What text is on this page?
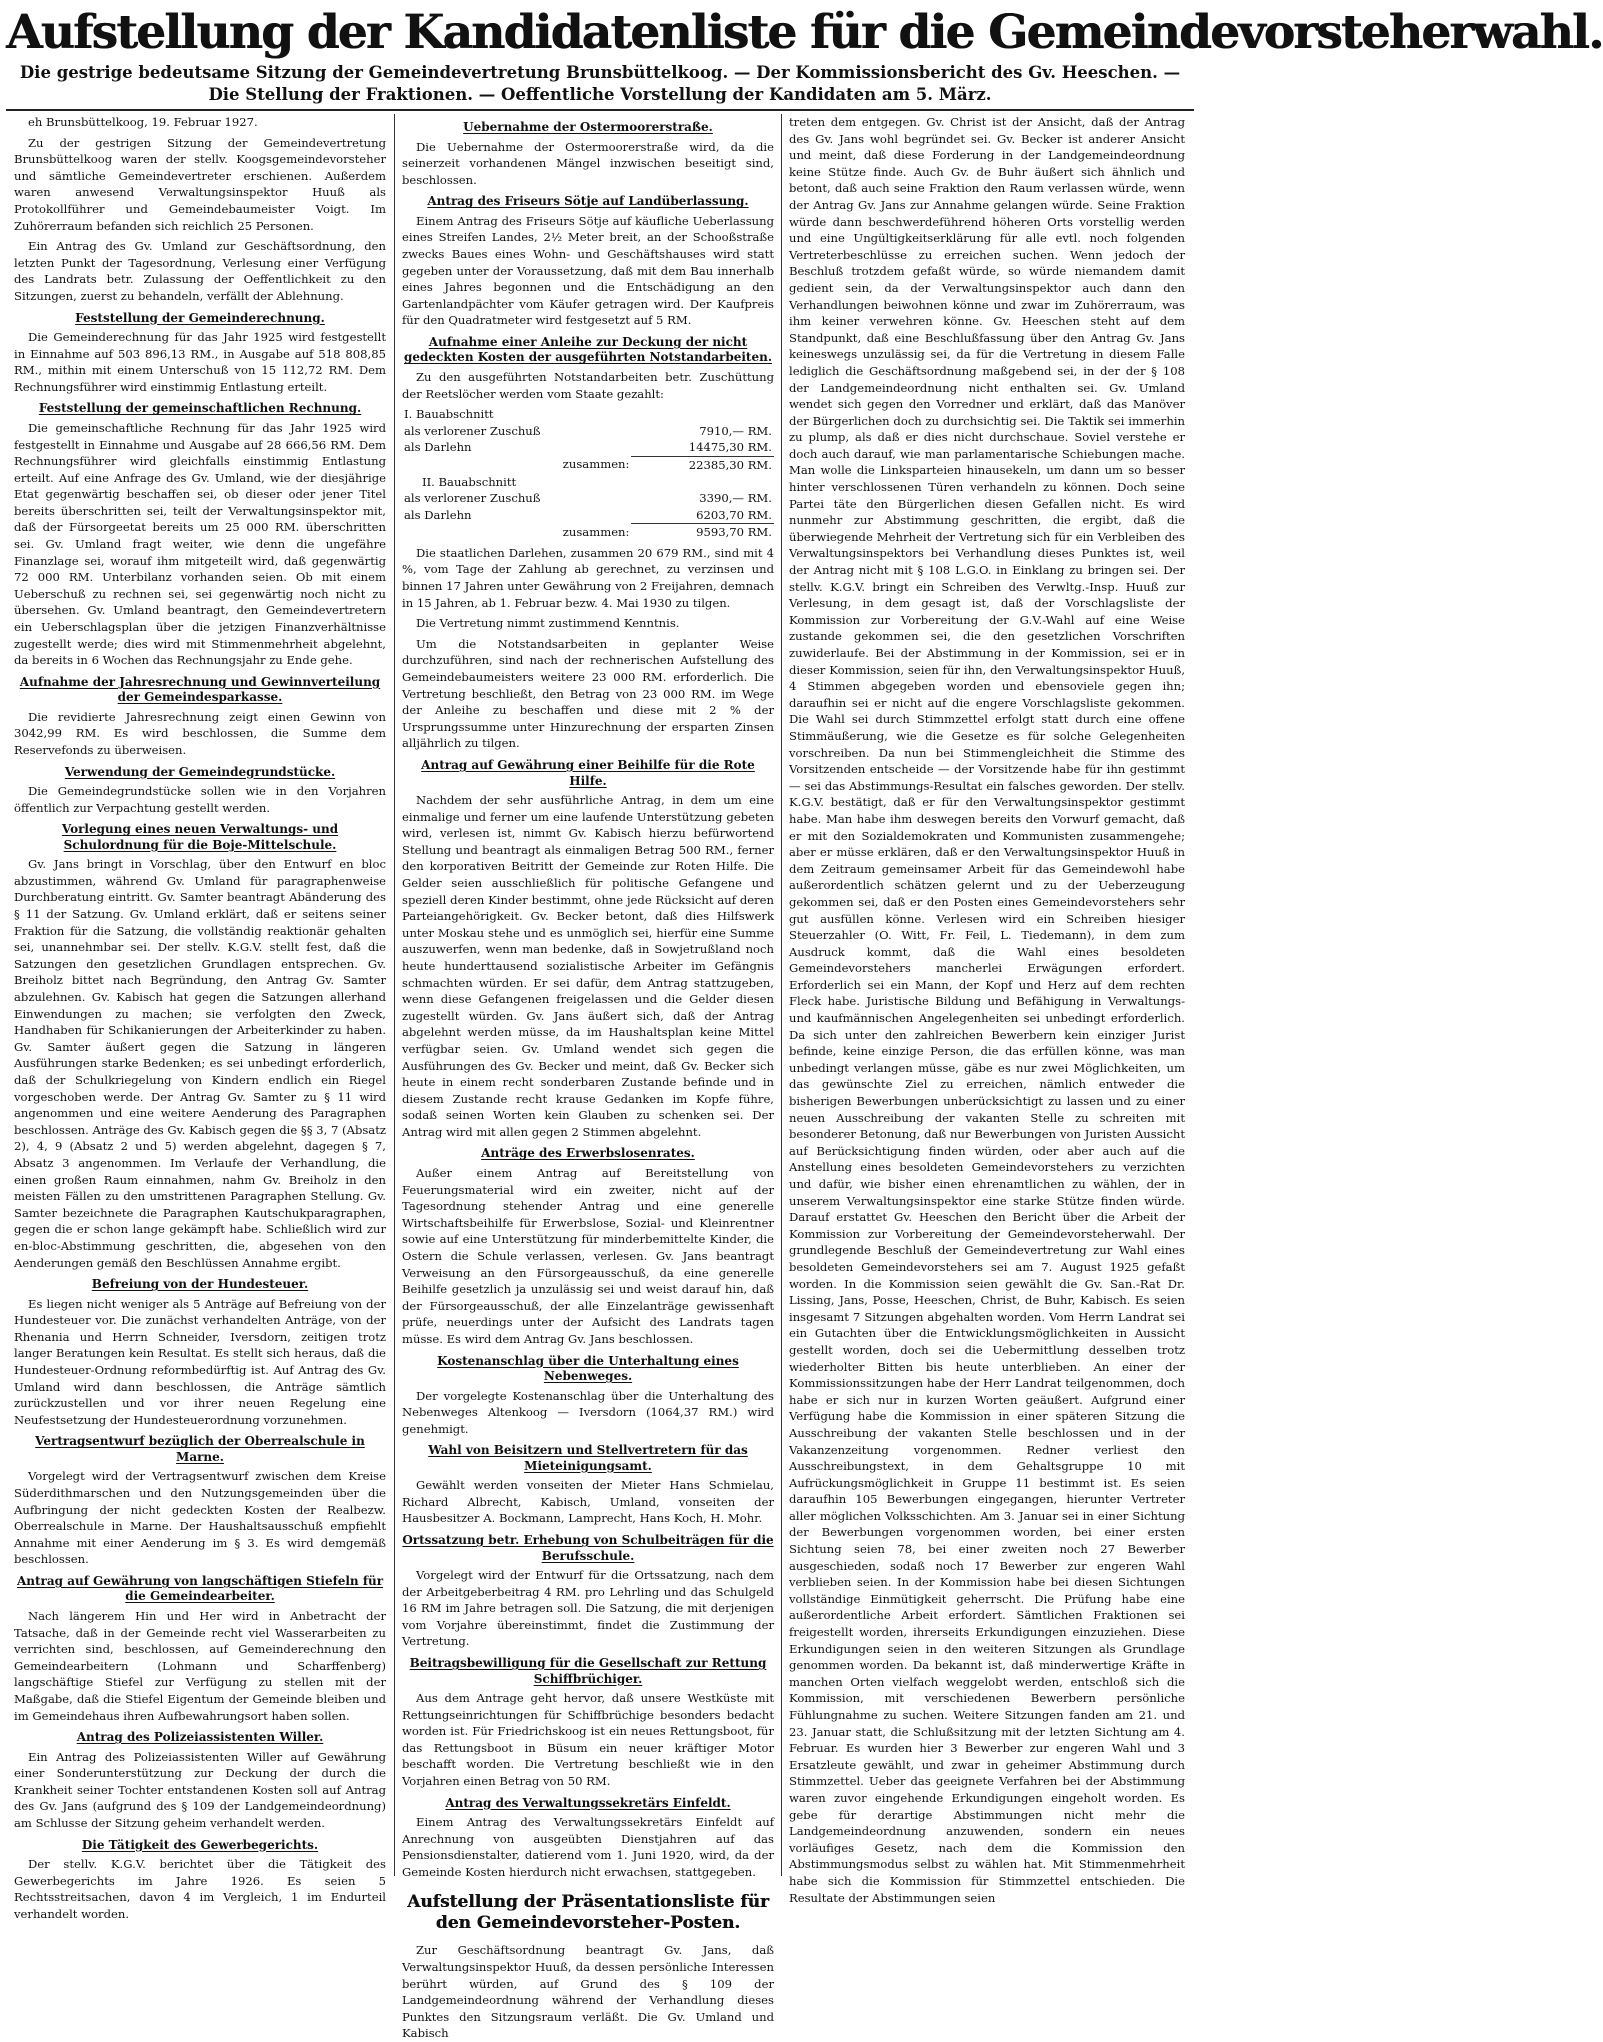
Aufstellung der Kandidatenliste für die Gemeindevorsteherwahl.
Die gestrige bedeutsame Sitzung der Gemeindevertretung Brunsbüttelkoog. — Der Kommissionsbericht des Gv. Heeschen. — Die Stellung der Fraktionen. — Oeffentliche Vorstellung der Kandidaten am 5. März.

eh Brunsbüttelkoog, 19. Februar 1927.

Zu der gestrigen Sitzung der Gemeindevertretung Brunsbüttelkoog waren der stellv. Koogsgemeindevorsteher und sämtliche Gemeindevertreter erschienen. Außerdem waren anwesend Verwaltungsinspektor Huuß als Protokollführer und Gemeindebaumeister Voigt. Im Zuhörerraum befanden sich reichlich 25 Personen.

Ein Antrag des Gv. Umland zur Geschäftsordnung, den letzten Punkt der Tagesordnung, Verlesung einer Verfügung des Landrats betr. Zulassung der Oeffentlichkeit zu den Sitzungen, zuerst zu behandeln, verfällt der Ablehnung.

Feststellung der Gemeinderechnung.

Die Gemeinderechnung für das Jahr 1925 wird festgestellt in Einnahme auf 503 896,13 RM., in Ausgabe auf 518 808,85 RM., mithin mit einem Unterschuß von 15 112,72 RM. Dem Rechnungsführer wird einstimmig Entlastung erteilt.

Feststellung der gemeinschaftlichen Rechnung.

Die gemeinschaftliche Rechnung für das Jahr 1925 wird festgestellt in Einnahme und Ausgabe auf 28 666,56 RM. Dem Rechnungsführer wird gleichfalls einstimmig Entlastung erteilt. Auf eine Anfrage des Gv. Umland, wie der diesjährige Etat gegenwärtig beschaffen sei, ob dieser oder jener Titel bereits überschritten sei, teilt der Verwaltungsinspektor mit, daß der Fürsorgeetat bereits um 25 000 RM. überschritten sei. Gv. Umland fragt weiter, wie denn die ungefähre Finanzlage sei, worauf ihm mitgeteilt wird, daß gegenwärtig 72 000 RM. Unterbilanz vorhanden seien. Ob mit einem Ueberschuß zu rechnen sei, sei gegenwärtig noch nicht zu übersehen. Gv. Umland beantragt, den Gemeindevertretern ein Ueberschlagsplan über die jetzigen Finanzverhältnisse zugestellt werde; dies wird mit Stimmenmehrheit abgelehnt, da bereits in 6 Wochen das Rechnungsjahr zu Ende gehe.

Aufnahme der Jahresrechnung und Gewinnverteilung der Gemeindesparkasse.

Die revidierte Jahresrechnung zeigt einen Gewinn von 3042,99 RM. Es wird beschlossen, die Summe dem Reservefonds zu überweisen.

Verwendung der Gemeindegrundstücke.

Die Gemeindegrundstücke sollen wie in den Vorjahren öffentlich zur Verpachtung gestellt werden.

Vorlegung eines neuen Verwaltungs- und Schulordnung für die Boje-Mittelschule.

Gv. Jans bringt in Vorschlag, über den Entwurf en bloc abzustimmen, während Gv. Umland für paragraphenweise Durchberatung eintritt. Gv. Samter beantragt Abänderung des § 11 der Satzung. Gv. Umland erklärt, daß er seitens seiner Fraktion für die Satzung, die vollständig reaktionär gehalten sei, unannehmbar sei. Der stellv. K.G.V. stellt fest, daß die Satzungen den gesetzlichen Grundlagen entsprechen. Gv. Breiholz bittet nach Begründung, den Antrag Gv. Samter abzulehnen. Gv. Kabisch hat gegen die Satzungen allerhand Einwendungen zu machen; sie verfolgten den Zweck, Handhaben für Schikanierungen der Arbeiterkinder zu haben. Gv. Samter äußert gegen die Satzung in längeren Ausführungen starke Bedenken; es sei unbedingt erforderlich, daß der Schulkriegelung von Kindern endlich ein Riegel vorgeschoben werde. Der Antrag Gv. Samter zu § 11 wird angenommen und eine weitere Aenderung des Paragraphen beschlossen. Anträge des Gv. Kabisch gegen die §§ 3, 7 (Absatz 2), 4, 9 (Absatz 2 und 5) werden abgelehnt, dagegen § 7, Absatz 3 angenommen. Im Verlaufe der Verhandlung, die einen großen Raum einnahmen, nahm Gv. Breiholz in den meisten Fällen zu den umstrittenen Paragraphen Stellung. Gv. Samter bezeichnete die Paragraphen Kautschukparagraphen, gegen die er schon lange gekämpft habe. Schließlich wird zur en-bloc-Abstimmung geschritten, die, abgesehen von den Aenderungen gemäß den Beschlüssen Annahme ergibt.

Befreiung von der Hundesteuer.

Es liegen nicht weniger als 5 Anträge auf Befreiung von der Hundesteuer vor. Die zunächst verhandelten Anträge, von der Rhenania und Herrn Schneider, Iversdorn, zeitigen trotz langer Beratungen kein Resultat. Es stellt sich heraus, daß die Hundesteuer-Ordnung reformbedürftig ist. Auf Antrag des Gv. Umland wird dann beschlossen, die Anträge sämtlich zurückzustellen und vor ihrer neuen Regelung eine Neufestsetzung der Hundesteuerordnung vorzunehmen.

Vertragsentwurf bezüglich der Oberrealschule in Marne.

Vorgelegt wird der Vertragsentwurf zwischen dem Kreise Süderdithmarschen und den Nutzungsgemeinden über die Aufbringung der nicht gedeckten Kosten der Realbezw. Oberrealschule in Marne. Der Haushaltsausschuß empfiehlt Annahme mit einer Aenderung im § 3. Es wird demgemäß beschlossen.

Antrag auf Gewährung von langschäftigen Stiefeln für die Gemeindearbeiter.

Nach längerem Hin und Her wird in Anbetracht der Tatsache, daß in der Gemeinde recht viel Wasserarbeiten zu verrichten sind, beschlossen, auf Gemeinderechnung den Gemeindearbeitern (Lohmann und Scharffenberg) langschäftige Stiefel zur Verfügung zu stellen mit der Maßgabe, daß die Stiefel Eigentum der Gemeinde bleiben und im Gemeindehaus ihren Aufbewahrungsort haben sollen.

Antrag des Polizeiassistenten Willer.

Ein Antrag des Polizeiassistenten Willer auf Gewährung einer Sonderunterstützung zur Deckung der durch die Krankheit seiner Tochter entstandenen Kosten soll auf Antrag des Gv. Jans (aufgrund des § 109 der Landgemeindeordnung) am Schlusse der Sitzung geheim verhandelt werden.

Die Tätigkeit des Gewerbegerichts.

Der stellv. K.G.V. berichtet über die Tätigkeit des Gewerbegerichts im Jahre 1926. Es seien 5 Rechtsstreitsachen, davon 4 im Vergleich, 1 im Endurteil verhandelt worden.

Uebernahme der Ostermoorerstraße.

Die Uebernahme der Ostermoorerstraße wird, da die seinerzeit vorhandenen Mängel inzwischen beseitigt sind, beschlossen.

Antrag des Friseurs Sötje auf Landüberlassung.

Einem Antrag des Friseurs Sötje auf käufliche Ueberlassung eines Streifen Landes, 2½ Meter breit, an der Schooßstraße zwecks Baues eines Wohn- und Geschäftshauses wird statt gegeben unter der Voraussetzung, daß mit dem Bau innerhalb eines Jahres begonnen und die Entschädigung an den Gartenlandpächter vom Käufer getragen wird. Der Kaufpreis für den Quadratmeter wird festgesetzt auf 5 RM.

Aufnahme einer Anleihe zur Deckung der nicht gedeckten Kosten der ausgeführten Notstandarbeiten.

Zu den ausgeführten Notstandarbeiten betr. Zuschüttung der Reetslöcher werden vom Staate gezahlt:

I. Bauabschnitt	
als verlorener Zuschuß	7910,— RM.
als Darlehn	14475,30 RM.
zusammen:	22385,30 RM.
II. Bauabschnitt	
als verlorener Zuschuß	3390,— RM.
als Darlehn	6203,70 RM.
zusammen:	9593,70 RM.

Die staatlichen Darlehen, zusammen 20 679 RM., sind mit 4 %, vom Tage der Zahlung ab gerechnet, zu verzinsen und binnen 17 Jahren unter Gewährung von 2 Freijahren, demnach in 15 Jahren, ab 1. Februar bezw. 4. Mai 1930 zu tilgen.

Die Vertretung nimmt zustimmend Kenntnis.

Um die Notstandsarbeiten in geplanter Weise durchzuführen, sind nach der rechnerischen Aufstellung des Gemeindebaumeisters weitere 23 000 RM. erforderlich. Die Vertretung beschließt, den Betrag von 23 000 RM. im Wege der Anleihe zu beschaffen und diese mit 2 % der Ursprungssumme unter Hinzurechnung der ersparten Zinsen alljährlich zu tilgen.

Antrag auf Gewährung einer Beihilfe für die Rote Hilfe.

Nachdem der sehr ausführliche Antrag, in dem um eine einmalige und ferner um eine laufende Unterstützung gebeten wird, verlesen ist, nimmt Gv. Kabisch hierzu befürwortend Stellung und beantragt als einmaligen Betrag 500 RM., ferner den korporativen Beitritt der Gemeinde zur Roten Hilfe. Die Gelder seien ausschließlich für politische Gefangene und speziell deren Kinder bestimmt, ohne jede Rücksicht auf deren Parteiangehörigkeit. Gv. Becker betont, daß dies Hilfswerk unter Moskau stehe und es unmöglich sei, hierfür eine Summe auszuwerfen, wenn man bedenke, daß in Sowjetrußland noch heute hunderttausend sozialistische Arbeiter im Gefängnis schmachten würden. Er sei dafür, dem Antrag stattzugeben, wenn diese Gefangenen freigelassen und die Gelder diesen zugestellt würden. Gv. Jans äußert sich, daß der Antrag abgelehnt werden müsse, da im Haushaltsplan keine Mittel verfügbar seien. Gv. Umland wendet sich gegen die Ausführungen des Gv. Becker und meint, daß Gv. Becker sich heute in einem recht sonderbaren Zustande befinde und in diesem Zustande recht krause Gedanken im Kopfe führe, sodaß seinen Worten kein Glauben zu schenken sei. Der Antrag wird mit allen gegen 2 Stimmen abgelehnt.

Anträge des Erwerbslosenrates.

Außer einem Antrag auf Bereitstellung von Feuerungsmaterial wird ein zweiter, nicht auf der Tagesordnung stehender Antrag und eine generelle Wirtschaftsbeihilfe für Erwerbslose, Sozial- und Kleinrentner sowie auf eine Unterstützung für minderbemittelte Kinder, die Ostern die Schule verlassen, verlesen. Gv. Jans beantragt Verweisung an den Fürsorgeausschuß, da eine generelle Beihilfe gesetzlich ja unzulässig sei und weist darauf hin, daß der Fürsorgeausschuß, der alle Einzelanträge gewissenhaft prüfe, neuerdings unter der Aufsicht des Landrats tagen müsse. Es wird dem Antrag Gv. Jans beschlossen.

Kostenanschlag über die Unterhaltung eines Nebenweges.

Der vorgelegte Kostenanschlag über die Unterhaltung des Nebenweges Altenkoog — Iversdorn (1064,37 RM.) wird genehmigt.

Wahl von Beisitzern und Stellvertretern für das Mieteinigungsamt.

Gewählt werden vonseiten der Mieter Hans Schmielau, Richard Albrecht, Kabisch, Umland, vonseiten der Hausbesitzer A. Bockmann, Lamprecht, Hans Koch, H. Mohr.

Ortssatzung betr. Erhebung von Schulbeiträgen für die Berufsschule.

Vorgelegt wird der Entwurf für die Ortssatzung, nach dem der Arbeitgeberbeitrag 4 RM. pro Lehrling und das Schulgeld 16 RM im Jahre betragen soll. Die Satzung, die mit derjenigen vom Vorjahre übereinstimmt, findet die Zustimmung der Vertretung.

Beitragsbewilligung für die Gesellschaft zur Rettung Schiffbrüchiger.

Aus dem Antrage geht hervor, daß unsere Westküste mit Rettungseinrichtungen für Schiffbrüchige besonders bedacht worden ist. Für Friedrichskoog ist ein neues Rettungsboot, für das Rettungsboot in Büsum ein neuer kräftiger Motor beschafft worden. Die Vertretung beschließt wie in den Vorjahren einen Betrag von 50 RM.

Antrag des Verwaltungssekretärs Einfeldt.

Einem Antrag des Verwaltungssekretärs Einfeldt auf Anrechnung von ausgeübten Dienstjahren auf das Pensionsdienstalter, datierend vom 1. Juni 1920, wird, da der Gemeinde Kosten hierdurch nicht erwachsen, stattgegeben.

Aufstellung der Präsentationsliste für den Gemeindevorsteher-Posten.

Zur Geschäftsordnung beantragt Gv. Jans, daß Verwaltungsinspektor Huuß, da dessen persönliche Interessen berührt würden, auf Grund des § 109 der Landgemeindeordnung während der Verhandlung dieses Punktes den Sitzungsraum verläßt. Die Gv. Umland und Kabisch

treten dem entgegen. Gv. Christ ist der Ansicht, daß der Antrag des Gv. Jans wohl begründet sei. Gv. Becker ist anderer Ansicht und meint, daß diese Forderung in der Landgemeindeordnung keine Stütze finde. Auch Gv. de Buhr äußert sich ähnlich und betont, daß auch seine Fraktion den Raum verlassen würde, wenn der Antrag Gv. Jans zur Annahme gelangen würde. Seine Fraktion würde dann beschwerdeführend höheren Orts vorstellig werden und eine Ungültigkeitserklärung für alle evtl. noch folgenden Vertreterbeschlüsse zu erreichen suchen. Wenn jedoch der Beschluß trotzdem gefaßt würde, so würde niemandem damit gedient sein, da der Verwaltungsinspektor auch dann den Verhandlungen beiwohnen könne und zwar im Zuhörerraum, was ihm keiner verwehren könne. Gv. Heeschen steht auf dem Standpunkt, daß eine Beschlußfassung über den Antrag Gv. Jans keineswegs unzulässig sei, da für die Vertretung in diesem Falle lediglich die Geschäftsordnung maßgebend sei, in der der § 108 der Landgemeindeordnung nicht enthalten sei. Gv. Umland wendet sich gegen den Vorredner und erklärt, daß das Manöver der Bürgerlichen doch zu durchsichtig sei. Die Taktik sei immerhin zu plump, als daß er dies nicht durchschaue. Soviel verstehe er doch auch darauf, wie man parlamentarische Schiebungen mache. Man wolle die Linksparteien hinausekeln, um dann um so besser hinter verschlossenen Türen verhandeln zu können. Doch seine Partei täte den Bürgerlichen diesen Gefallen nicht. Es wird nunmehr zur Abstimmung geschritten, die ergibt, daß die überwiegende Mehrheit der Vertretung sich für ein Verbleiben des Verwaltungsinspektors bei Verhandlung dieses Punktes ist, weil der Antrag nicht mit § 108 L.G.O. in Einklang zu bringen sei. Der stellv. K.G.V. bringt ein Schreiben des Verwltg.-Insp. Huuß zur Verlesung, in dem gesagt ist, daß der Vorschlagsliste der Kommission zur Vorbereitung der G.V.-Wahl auf eine Weise zustande gekommen sei, die den gesetzlichen Vorschriften zuwiderlaufe. Bei der Abstimmung in der Kommission, sei er in dieser Kommission, seien für ihn, den Verwaltungsinspektor Huuß, 4 Stimmen abgegeben worden und ebensoviele gegen ihn; daraufhin sei er nicht auf die engere Vorschlagsliste gekommen. Die Wahl sei durch Stimmzettel erfolgt statt durch eine offene Stimmäußerung, wie die Gesetze es für solche Gelegenheiten vorschreiben. Da nun bei Stimmengleichheit die Stimme des Vorsitzenden entscheide — der Vorsitzende habe für ihn gestimmt — sei das Abstimmungs-Resultat ein falsches geworden. Der stellv. K.G.V. bestätigt, daß er für den Verwaltungsinspektor gestimmt habe. Man habe ihm deswegen bereits den Vorwurf gemacht, daß er mit den Sozialdemokraten und Kommunisten zusammengehe; aber er müsse erklären, daß er den Verwaltungsinspektor Huuß in dem Zeitraum gemeinsamer Arbeit für das Gemeindewohl habe außerordentlich schätzen gelernt und zu der Ueberzeugung gekommen sei, daß er den Posten eines Gemeindevorstehers sehr gut ausfüllen könne. Verlesen wird ein Schreiben hiesiger Steuerzahler (O. Witt, Fr. Feil, L. Tiedemann), in dem zum Ausdruck kommt, daß die Wahl eines besoldeten Gemeindevorstehers mancherlei Erwägungen erfordert. Erforderlich sei ein Mann, der Kopf und Herz auf dem rechten Fleck habe. Juristische Bildung und Befähigung in Verwaltungs- und kaufmännischen Angelegenheiten sei unbedingt erforderlich. Da sich unter den zahlreichen Bewerbern kein einziger Jurist befinde, keine einzige Person, die das erfüllen könne, was man unbedingt verlangen müsse, gäbe es nur zwei Möglichkeiten, um das gewünschte Ziel zu erreichen, nämlich entweder die bisherigen Bewerbungen unberücksichtigt zu lassen und zu einer neuen Ausschreibung der vakanten Stelle zu schreiten mit besonderer Betonung, daß nur Bewerbungen von Juristen Aussicht auf Berücksichtigung finden würden, oder aber auch auf die Anstellung eines besoldeten Gemeindevorstehers zu verzichten und dafür, wie bisher einen ehrenamtlichen zu wählen, der in unserem Verwaltungsinspektor eine starke Stütze finden würde. Darauf erstattet Gv. Heeschen den Bericht über die Arbeit der Kommission zur Vorbereitung der Gemeindevorsteherwahl. Der grundlegende Beschluß der Gemeindevertretung zur Wahl eines besoldeten Gemeindevorstehers sei am 7. August 1925 gefaßt worden. In die Kommission seien gewählt die Gv. San.-Rat Dr. Lissing, Jans, Posse, Heeschen, Christ, de Buhr, Kabisch. Es seien insgesamt 7 Sitzungen abgehalten worden. Vom Herrn Landrat sei ein Gutachten über die Entwicklungsmöglichkeiten in Aussicht gestellt worden, doch sei die Uebermittlung desselben trotz wiederholter Bitten bis heute unterblieben. An einer der Kommissionssitzungen habe der Herr Landrat teilgenommen, doch habe er sich nur in kurzen Worten geäußert. Aufgrund einer Verfügung habe die Kommission in einer späteren Sitzung die Ausschreibung der vakanten Stelle beschlossen und in der Vakanzenzeitung vorgenommen. Redner verliest den Ausschreibungstext, in dem Gehaltsgruppe 10 mit Aufrückungsmöglichkeit in Gruppe 11 bestimmt ist. Es seien daraufhin 105 Bewerbungen eingegangen, hierunter Vertreter aller möglichen Volksschichten. Am 3. Januar sei in einer Sichtung der Bewerbungen vorgenommen worden, bei einer ersten Sichtung seien 78, bei einer zweiten noch 27 Bewerber ausgeschieden, sodaß noch 17 Bewerber zur engeren Wahl verblieben seien. In der Kommission habe bei diesen Sichtungen vollständige Einmütigkeit geherrscht. Die Prüfung habe eine außerordentliche Arbeit erfordert. Sämtlichen Fraktionen sei freigestellt worden, ihrerseits Erkundigungen einzuziehen. Diese Erkundigungen seien in den weiteren Sitzungen als Grundlage genommen worden. Da bekannt ist, daß minderwertige Kräfte in manchen Orten vielfach weggelobt werden, entschloß sich die Kommission, mit verschiedenen Bewerbern persönliche Fühlungnahme zu suchen. Weitere Sitzungen fanden am 21. und 23. Januar statt, die Schlußsitzung mit der letzten Sichtung am 4. Februar. Es wurden hier 3 Bewerber zur engeren Wahl und 3 Ersatzleute gewählt, und zwar in geheimer Abstimmung durch Stimmzettel. Ueber das geeignete Verfahren bei der Abstimmung waren zuvor eingehende Erkundigungen eingeholt worden. Es gebe für derartige Abstimmungen nicht mehr die Landgemeindeordnung anzuwenden, sondern ein neues vorläufiges Gesetz, nach dem die Kommission den Abstimmungsmodus selbst zu wählen hat. Mit Stimmenmehrheit habe sich die Kommission für Stimmzettel entschieden. Die Resultate der Abstimmungen seien
